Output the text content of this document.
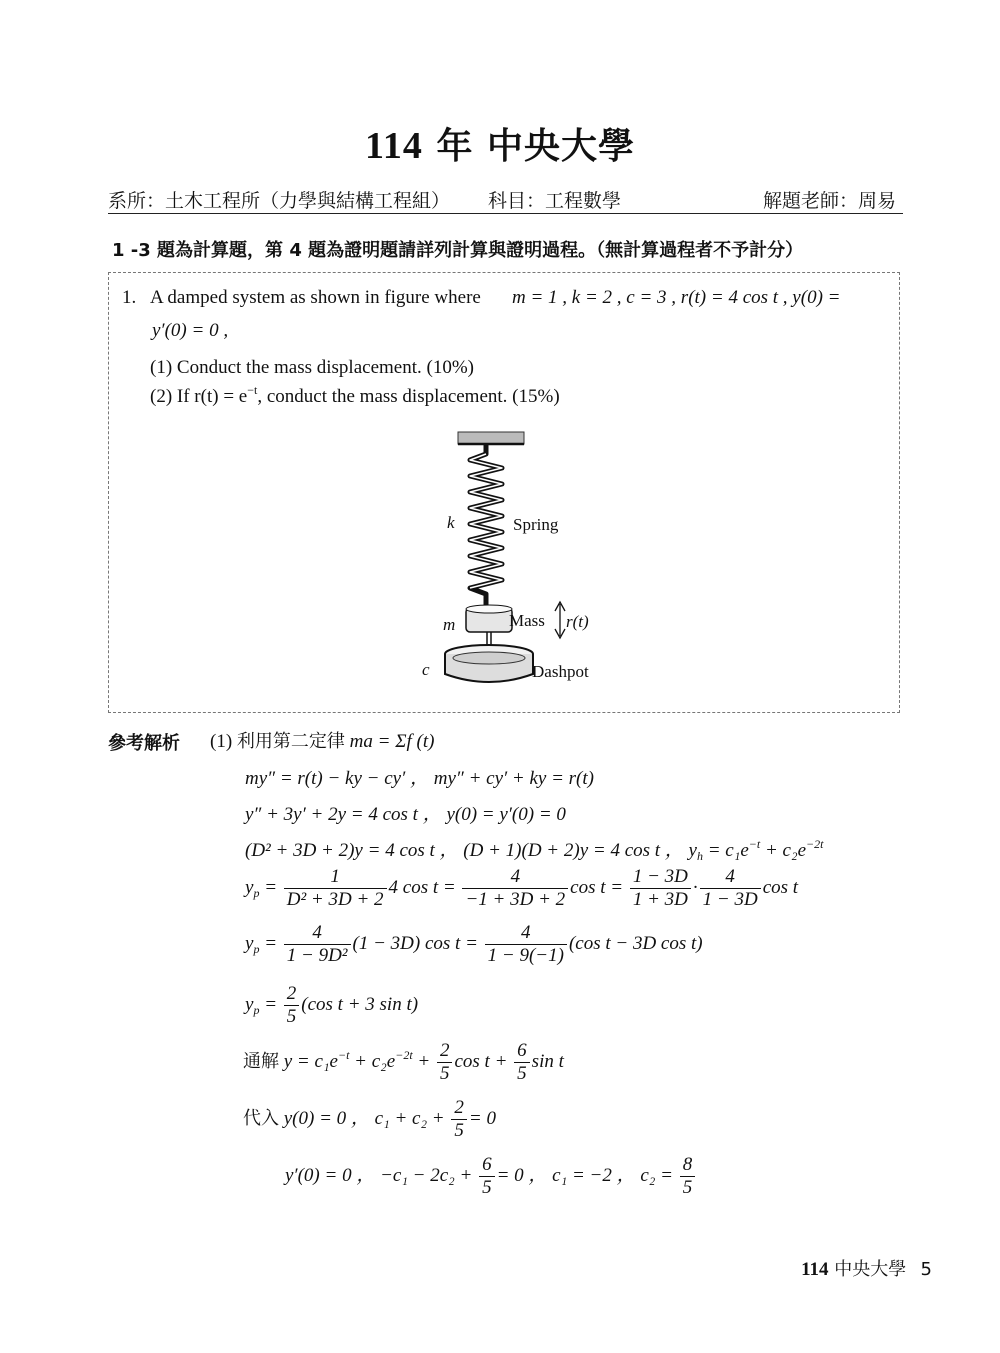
114 年 中央大學
系所：土木工程所（力學與結構工程組） 科目：工程數學	解題老師：周易
1 -3 題為計算題，第 4 題為證明題請詳列計算與證明過程。（無計算過程者不予計分）
1. A damped system as shown in figure where m = 1 , k = 2 , c = 3 , r(t) = 4 cos t , y(0) =
y′(0) = 0 ,
(1) Conduct the mass displacement. (10%)
(2) If $r(t) = e^{-t}$, conduct the mass displacement. (15%)
k	Spring
m	Mass r(t)
c	Dashpot
參考解析 (1) 利用第二定律 ma = Σf (t)
my″ = r(t) − ky − cy′ ， my″ + cy′ + ky = r(t)
y″ + 3y′ + 2y = 4 cos t ， y(0) = y′(0) = 0
(D² + 3D + 2)y = 4 cos t ， (D + 1)(D + 2)y = 4 cos t ， $y_h = c_1e^{-t} + c_2e^{-2t}$
$y_p = \frac{1}{\text{D² + 3D + 2}} 4$ $\cos t = \frac{4}{-1 + 3D + 2}$ $\cos t = \frac{1 - 3D}{1 + 3D} \cdot \frac{4}{1 - 3D}$ cos t
$y_p = \frac{4}{\text{1 − 9D²}} (1 - 3D)$ $\cos t = \frac{4}{1 - 9(-1)} (\cos$ t − 3D cos t)
$y_p = \frac{2}{5} (\cos$ t + 3 sin t)
通解 $y = c_1e^{-t} + c_2e^{-2t} + \frac{2}{5}$ $\cos t + \frac{6}{5}$ sin t
代入 y(0) = 0 ， $c_1 + c_2 + \frac{2}{5} = 0$
y′(0) = 0 ， $-c_1 - 2c_2 + \frac{6}{5} = 0$ ， c₁ = −2 ， $c_2 = \frac{8}{5}$
114 中央大學 5
